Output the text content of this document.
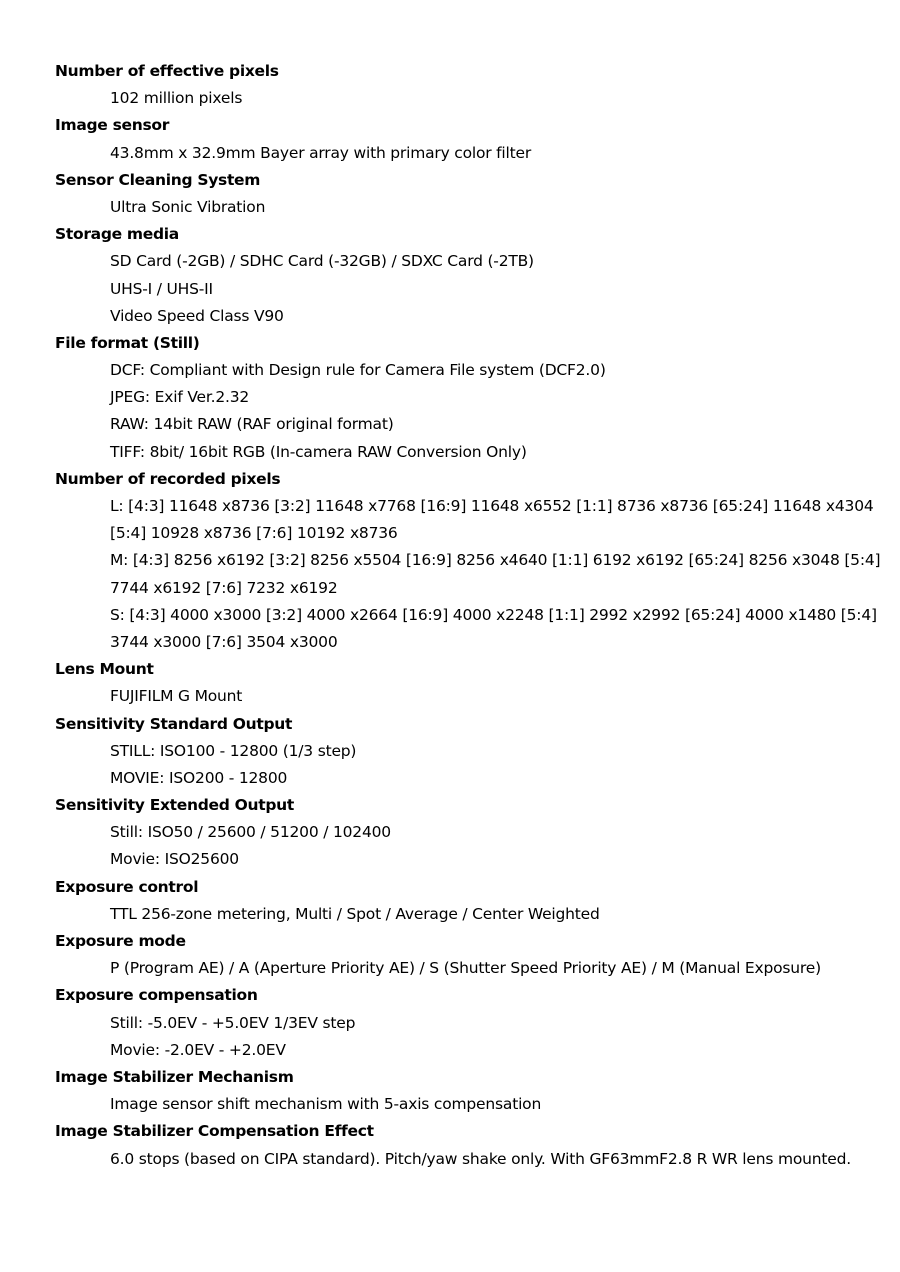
Number of effective pixels
102 million pixels
Image sensor
43.8mm x 32.9mm Bayer array with primary color filter
Sensor Cleaning System
Ultra Sonic Vibration
Storage media
SD Card (-2GB) / SDHC Card (-32GB) / SDXC Card (-2TB)
UHS-I / UHS-II
Video Speed Class V90
File format (Still)
DCF: Compliant with Design rule for Camera File system (DCF2.0)
JPEG: Exif Ver.2.32
RAW: 14bit RAW (RAF original format)
TIFF: 8bit/ 16bit RGB (In-camera RAW Conversion Only)
Number of recorded pixels
L: [4:3] 11648 x8736 [3:2] 11648 x7768 [16:9] 11648 x6552 [1:1] 8736 x8736 [65:24] 11648 x4304
[5:4] 10928 x8736 [7:6] 10192 x8736
M: [4:3] 8256 x6192 [3:2] 8256 x5504 [16:9] 8256 x4640 [1:1] 6192 x6192 [65:24] 8256 x3048 [5:4]
7744 x6192 [7:6] 7232 x6192
S: [4:3] 4000 x3000 [3:2] 4000 x2664 [16:9] 4000 x2248 [1:1] 2992 x2992 [65:24] 4000 x1480 [5:4]
3744 x3000 [7:6] 3504 x3000
Lens Mount
FUJIFILM G Mount
Sensitivity Standard Output
STILL: ISO100 - 12800 (1/3 step)
MOVIE: ISO200 - 12800
Sensitivity Extended Output
Still: ISO50 / 25600 / 51200 / 102400
Movie: ISO25600
Exposure control
TTL 256-zone metering, Multi / Spot / Average / Center Weighted
Exposure mode
P (Program AE) / A (Aperture Priority AE) / S (Shutter Speed Priority AE) / M (Manual Exposure)
Exposure compensation
Still: -5.0EV - +5.0EV 1/3EV step
Movie: -2.0EV - +2.0EV
Image Stabilizer Mechanism
Image sensor shift mechanism with 5-axis compensation
Image Stabilizer Compensation Effect
6.0 stops (based on CIPA standard). Pitch/yaw shake only. With GF63mmF2.8 R WR lens mounted.
